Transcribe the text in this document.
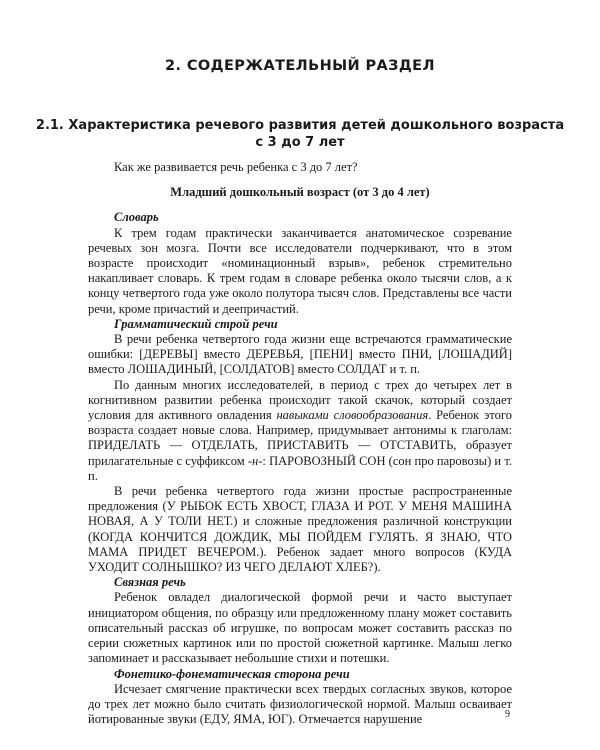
2. СОДЕРЖАТЕЛЬНЫЙ РАЗДЕЛ
2.1. Характеристика речевого развития детей дошкольного возраста
с 3 до 7 лет

Как же развивается речь ребенка с 3 до 7 лет?

Младший дошкольный возраст (от 3 до 4 лет)

Словарь

К трем годам практически заканчивается анатомическое созревание речевых зон мозга. Почти все исследователи подчеркивают, что в этом возрасте происходит «номинационный взрыв», ребенок стремительно накапливает словарь. К трем годам в словаре ребенка около тысячи слов, а к концу четвертого года уже около полутора тысяч слов. Представлены все части речи, кроме причастий и деепричастий.

Грамматический строй речи

В речи ребенка четвертого года жизни еще встречаются грамматические ошибки: [ДЕРЕВЫ] вместо ДЕРЕВЬЯ, [ПЕНИ] вместо ПНИ, [ЛОШАДИЙ] вместо ЛОШАДИНЫЙ, [СОЛДАТОВ] вместо СОЛДАТ и т. п.

По данным многих исследователей, в период с трех до четырех лет в когнитивном развитии ребенка происходит такой скачок, который создает условия для активного овладения навыками словообразования. Ребенок этого возраста создает новые слова. Например, придумывает антонимы к глаголам: ПРИДЕЛАТЬ — ОТДЕЛАТЬ, ПРИСТАВИТЬ — ОТСТАВИТЬ, образует прилагательные с суффиксом -н-: ПАРОВОЗНЫЙ СОН (сон про паровозы) и т. п.

В речи ребенка четвертого года жизни простые распространенные предложения (У РЫБОК ЕСТЬ ХВОСТ, ГЛАЗА И РОТ. У МЕНЯ МАШИНА НОВАЯ, А У ТОЛИ НЕТ.) и сложные предложения различной конструкции (КОГДА КОНЧИТСЯ ДОЖДИК, МЫ ПОЙДЕМ ГУЛЯТЬ. Я ЗНАЮ, ЧТО МАМА ПРИДЕТ ВЕЧЕРОМ.). Ребенок задает много вопросов (КУДА УХОДИТ СОЛНЫШКО? ИЗ ЧЕГО ДЕЛАЮТ ХЛЕБ?).

Связная речь

Ребенок овладел диалогической формой речи и часто выступает инициатором общения, по образцу или предложенному плану может составить описательный рассказ об игрушке, по вопросам может составить рассказ по серии сюжетных картинок или по простой сюжетной картинке. Малыш легко запоминает и рассказывает небольшие стихи и потешки.

Фонетико-фонематическая сторона речи

Исчезает смягчение практически всех твердых согласных звуков, которое до трех лет можно было считать физиологической нормой. Малыш осваивает йотированные звуки (ЕДУ, ЯМА, ЮГ). Отмечается нарушение	9
